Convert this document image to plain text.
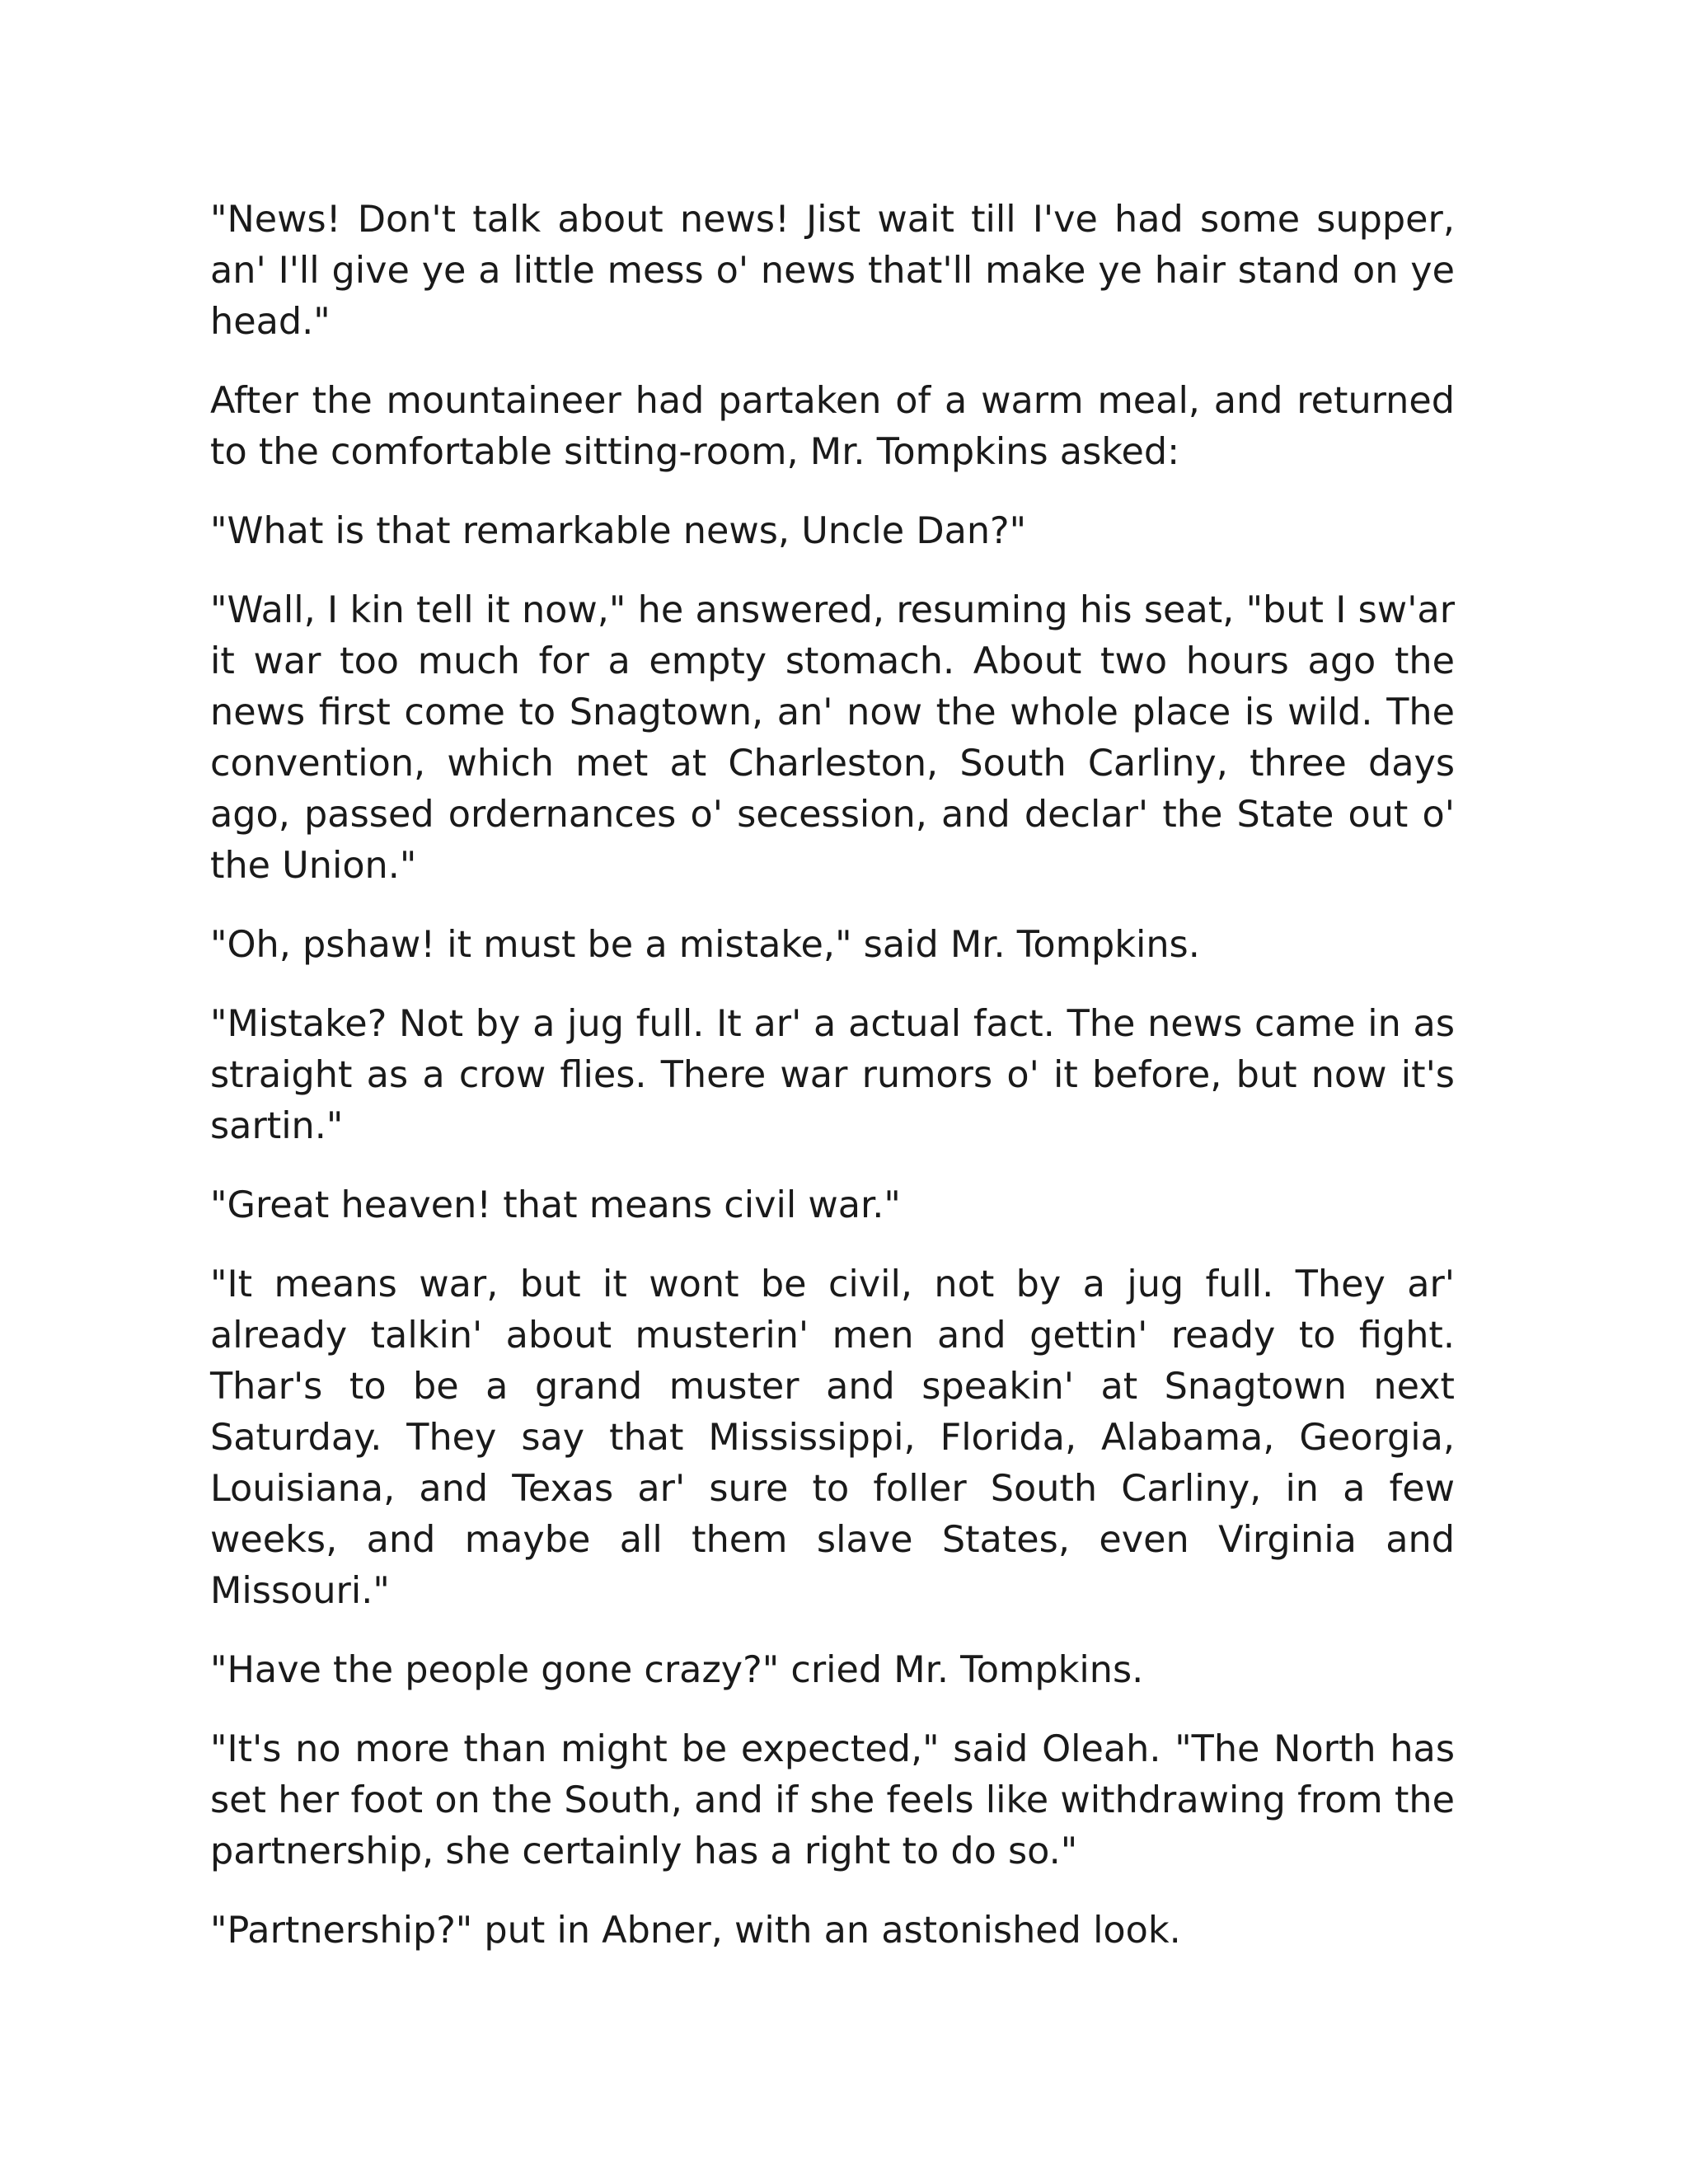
"News! Don't talk about news! Jist wait till I've had some supper, an' I'll give ye a little mess o' news that'll make ye hair stand on ye head."

After the mountaineer had partaken of a warm meal, and returned to the comfortable sitting-room, Mr. Tompkins asked:

"What is that remarkable news, Uncle Dan?"

"Wall, I kin tell it now," he answered, resuming his seat, "but I sw'ar it war too much for a empty stomach. About two hours ago the news first come to Snagtown, an' now the whole place is wild. The convention, which met at Charleston, South Carliny, three days ago, passed ordernances o' secession, and declar' the State out o' the Union."

"Oh, pshaw! it must be a mistake," said Mr. Tompkins.

"Mistake? Not by a jug full. It ar' a actual fact. The news came in as straight as a crow flies. There war rumors o' it before, but now it's sartin."

"Great heaven! that means civil war."

"It means war, but it wont be civil, not by a jug full. They ar' already talkin' about musterin' men and gettin' ready to fight. Thar's to be a grand muster and speakin' at Snagtown next Saturday. They say that Mississippi, Florida, Alabama, Georgia, Louisiana, and Texas ar' sure to foller South Carliny, in a few weeks, and maybe all them slave States, even Virginia and Missouri."

"Have the people gone crazy?" cried Mr. Tompkins.

"It's no more than might be expected," said Oleah. "The North has set her foot on the South, and if she feels like withdrawing from the partnership, she certainly has a right to do so."

"Partnership?" put in Abner, with an astonished look.
